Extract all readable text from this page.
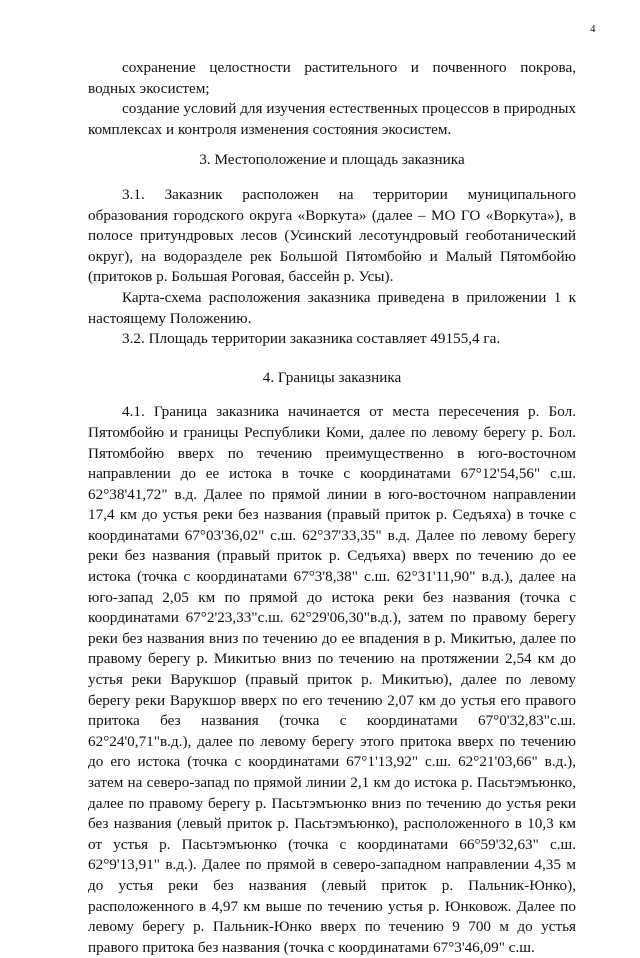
4

сохранение целостности растительного и почвенного покрова, водных экосистем;

создание условий для изучения естественных процессов в природных комплексах и контроля изменения состояния экосистем.

3. Местоположение и площадь заказника

3.1. Заказник расположен на территории муниципального образования городского округа «Воркута» (далее – МО ГО «Воркута»), в полосе притундровых лесов (Усинский лесотундровый геоботанический округ), на водоразделе рек Большой Пятомбойю и Малый Пятомбойю (притоков р. Большая Роговая, бассейн р. Усы).

Карта-схема расположения заказника приведена в приложении 1 к настоящему Положению.

3.2. Площадь территории заказника составляет 49155,4 га.

4. Границы заказника

4.1. Граница заказника начинается от места пересечения р. Бол. Пятомбойю и границы Республики Коми, далее по левому берегу р. Бол. Пятомбойю вверх по течению преимущественно в юго-восточном направлении до ее истока в точке с координатами 67°12'54,56" с.ш. 62°38'41,72" в.д. Далее по прямой линии в юго-восточном направлении 17,4 км до устья реки без названия (правый приток р. Седъяха) в точке с координатами 67°03'36,02" с.ш. 62°37'33,35" в.д. Далее по левому берегу реки без названия (правый приток р. Седъяха) вверх по течению до ее истока (точка с координатами 67°3'8,38" с.ш. 62°31'11,90" в.д.), далее на юго-запад 2,05 км по прямой до истока реки без названия (точка с координатами 67°2'23,33"с.ш. 62°29'06,30"в.д.), затем по правому берегу реки без названия вниз по течению до ее впадения в р. Микитью, далее по правому берегу р. Микитью вниз по течению на протяжении 2,54 км до устья реки Варукшор (правый приток р. Микитью), далее по левому берегу реки Варукшор вверх по его течению 2,07 км до устья его правого притока без названия (точка с координатами 67°0'32,83"с.ш. 62°24'0,71"в.д.), далее по левому берегу этого притока вверх по течению до его истока (точка с координатами 67°1'13,92" с.ш. 62°21'03,66" в.д.), затем на северо-запад по прямой линии 2,1 км до истока р. Пасьтэмъюнко, далее по правому берегу р. Пасьтэмъюнко вниз по течению до устья реки без названия (левый приток р. Пасьтэмъюнко), расположенного в 10,3 км от устья р. Пасьтэмъюнко (точка с координатами 66°59'32,63" с.ш. 62°9'13,91" в.д.). Далее по прямой в северо-западном направлении 4,35 м до устья реки без названия (левый приток р. Пальник-Юнко), расположенного в 4,97 км выше по течению устья р. Юнковож. Далее по левому берегу р. Пальник-Юнко вверх по течению 9 700 м до устья правого притока без названия (точка с координатами 67°3'46,09" с.ш.
